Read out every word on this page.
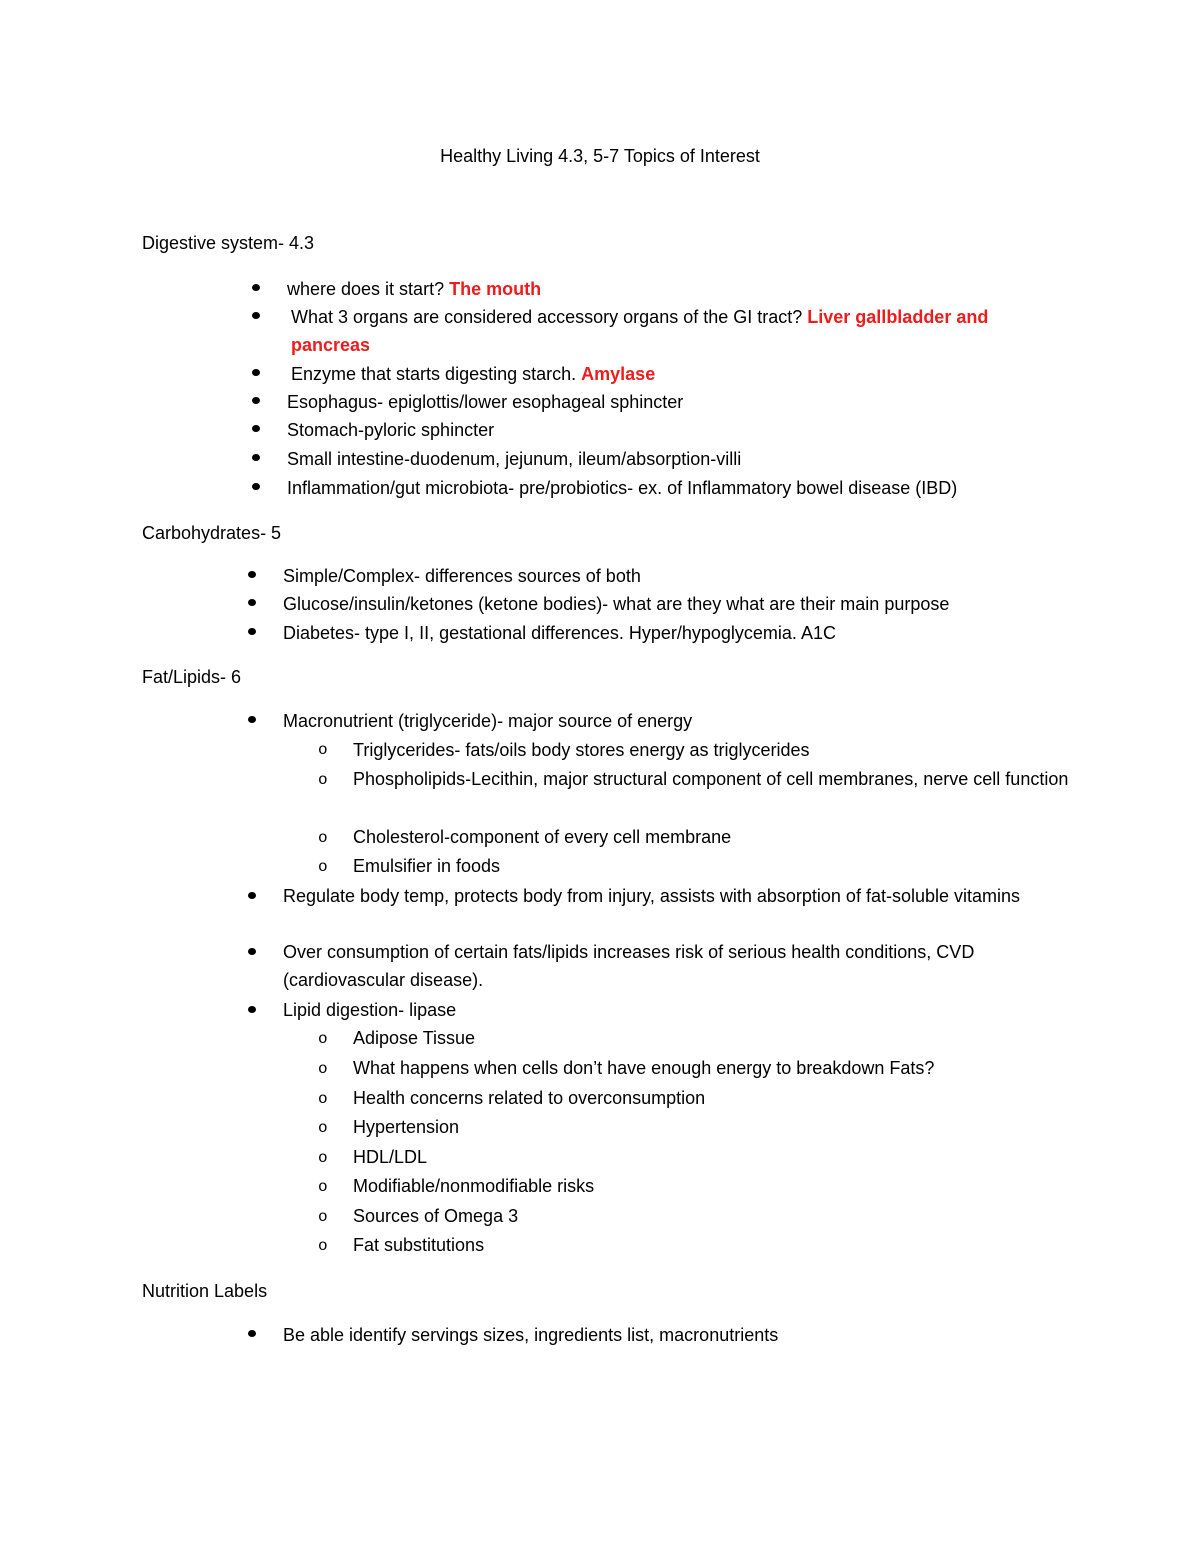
Healthy Living 4.3, 5-7 Topics of Interest
Digestive system- 4.3

where does it start? The mouth

What 3 organs are considered accessory organs of the GI tract? Liver gallbladder and pancreas

Enzyme that starts digesting starch. Amylase

Esophagus- epiglottis/lower esophageal sphincter

Stomach-pyloric sphincter

Small intestine-duodenum, jejunum, ileum/absorption-villi

Inflammation/gut microbiota- pre/probiotics- ex. of Inflammatory bowel disease (IBD)

Carbohydrates- 5

Simple/Complex- differences sources of both

Glucose/insulin/ketones (ketone bodies)- what are they what are their main purpose

Diabetes- type I, II, gestational differences. Hyper/hypoglycemia. A1C

Fat/Lipids- 6

Macronutrient (triglyceride)- major source of energy

o Triglycerides- fats/oils body stores energy as triglycerides

o Phospholipids-Lecithin, major structural component of cell membranes, nerve cell function

o Cholesterol-component of every cell membrane

o Emulsifier in foods

Regulate body temp, protects body from injury, assists with absorption of fat-soluble vitamins

Over consumption of certain fats/lipids increases risk of serious health conditions, CVD (cardiovascular disease).

Lipid digestion- lipase

o Adipose Tissue

o What happens when cells don’t have enough energy to breakdown Fats?

o Health concerns related to overconsumption

o Hypertension

o HDL/LDL

o Modifiable/nonmodifiable risks

o Sources of Omega 3

o Fat substitutions

Nutrition Labels

Be able identify servings sizes, ingredients list, macronutrients
